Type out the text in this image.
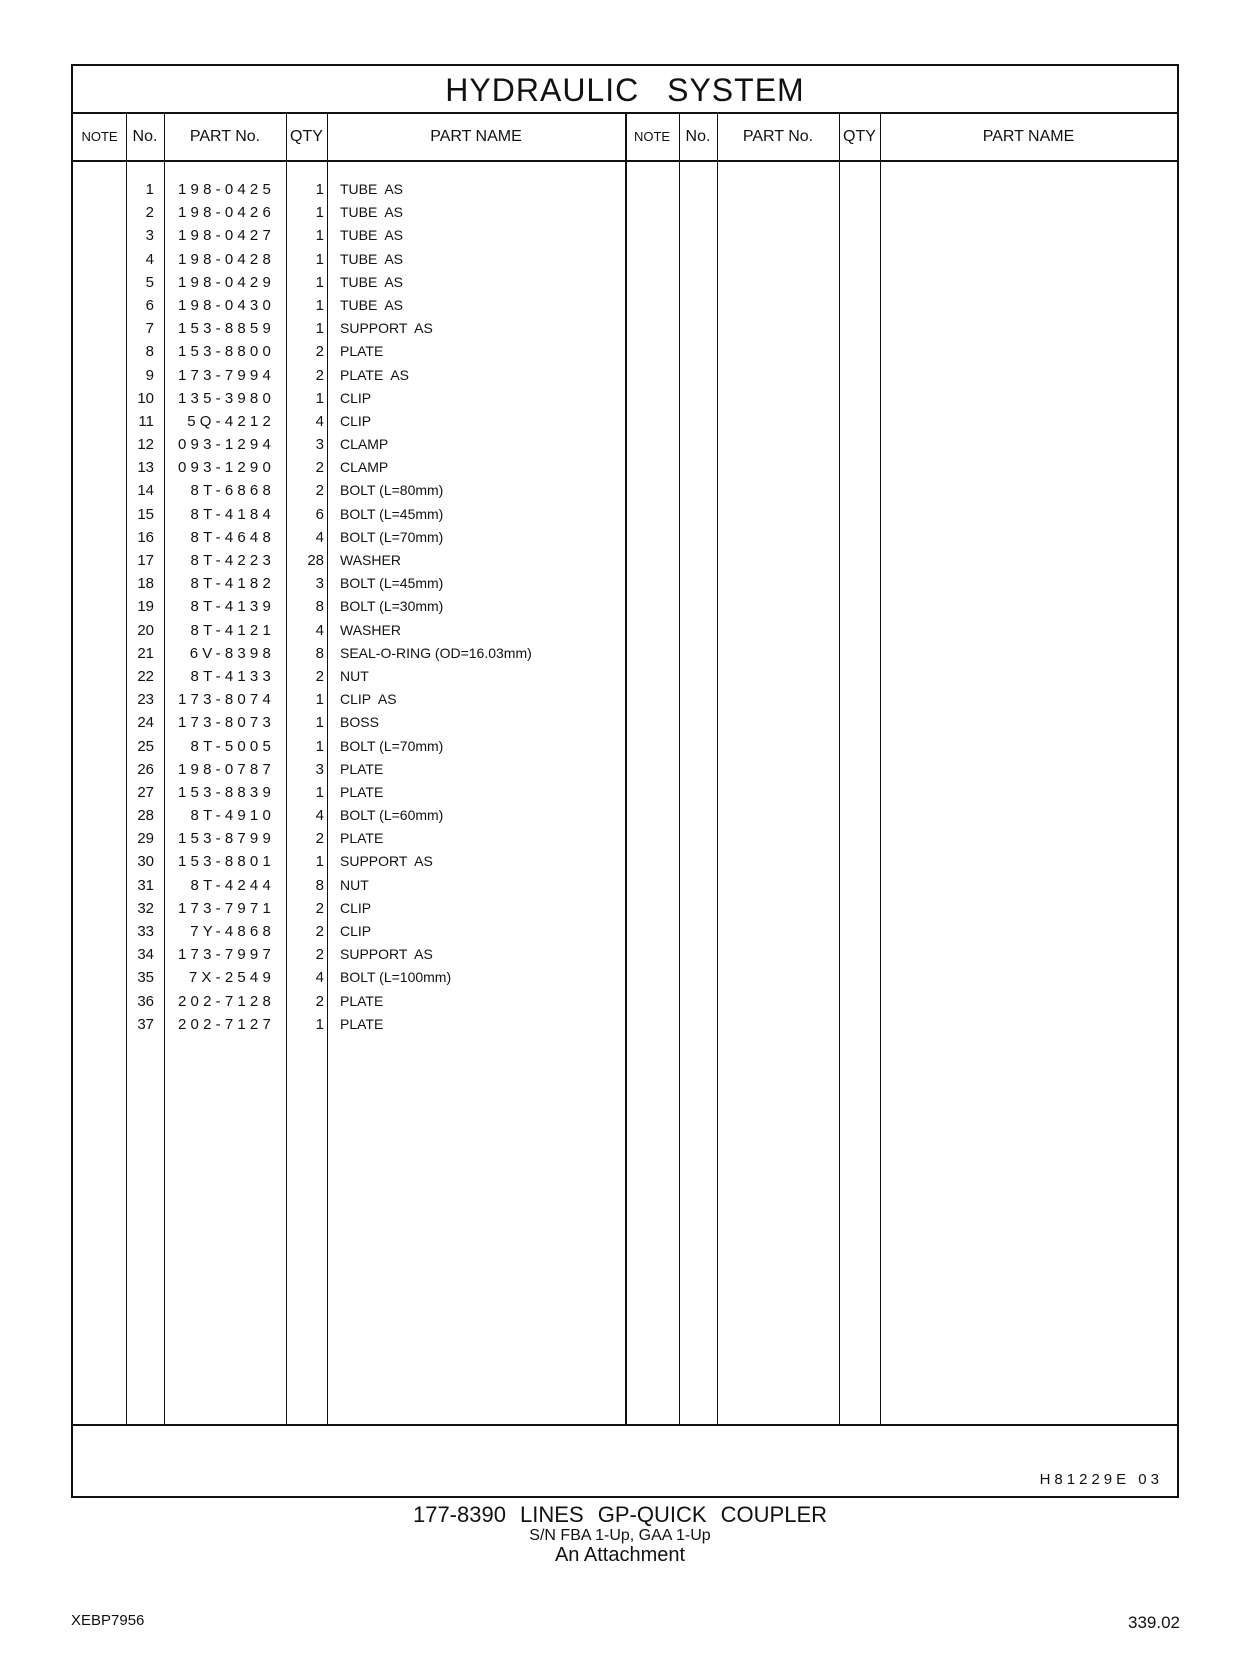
HYDRAULIC SYSTEM
NOTE No.	PART No.	QTY	PART NAME	NOTE No.	PART No.	QTY	PART NAME
1	198-0425	1 TUBE  AS
2	198-0426	1 TUBE  AS
3	198-0427	1 TUBE  AS
4	198-0428	1 TUBE  AS
5	198-0429	1 TUBE  AS
6	198-0430	1 TUBE  AS
7	153-8859	1 SUPPORT  AS
8	153-8800	2 PLATE
9	173-7994	2 PLATE  AS
10	135-3980	1 CLIP
11	5Q-4212	4 CLIP
12	093-1294	3 CLAMP
13	093-1290	2 CLAMP
14	8T-6868	2 BOLT (L=80mm)
15	8T-4184	6 BOLT (L=45mm)
16	8T-4648	4 BOLT (L=70mm)
17	8T-4223	28 WASHER
18	8T-4182	3 BOLT (L=45mm)
19	8T-4139	8 BOLT (L=30mm)
20	8T-4121	4 WASHER
21	6V-8398	8 SEAL-O-RING (OD=16.03mm)
22	8T-4133	2 NUT
23	173-8074	1 CLIP  AS
24	173-8073	1 BOSS
25	8T-5005	1 BOLT (L=70mm)
26	198-0787	3 PLATE
27	153-8839	1 PLATE
28	8T-4910	4 BOLT (L=60mm)
29	153-8799	2 PLATE
30	153-8801	1 SUPPORT  AS
31	8T-4244	8 NUT
32	173-7971	2 CLIP
33	7Y-4868	2 CLIP
34	173-7997	2 SUPPORT  AS
35	7X-2549	4 BOLT (L=100mm)
36	202-7128	2 PLATE
37	202-7127	1 PLATE
H81229E 03
177-8390 LINES GP-QUICK COUPLER
S/N FBA 1-Up, GAA 1-Up
An Attachment
XEBP7956	339.02
